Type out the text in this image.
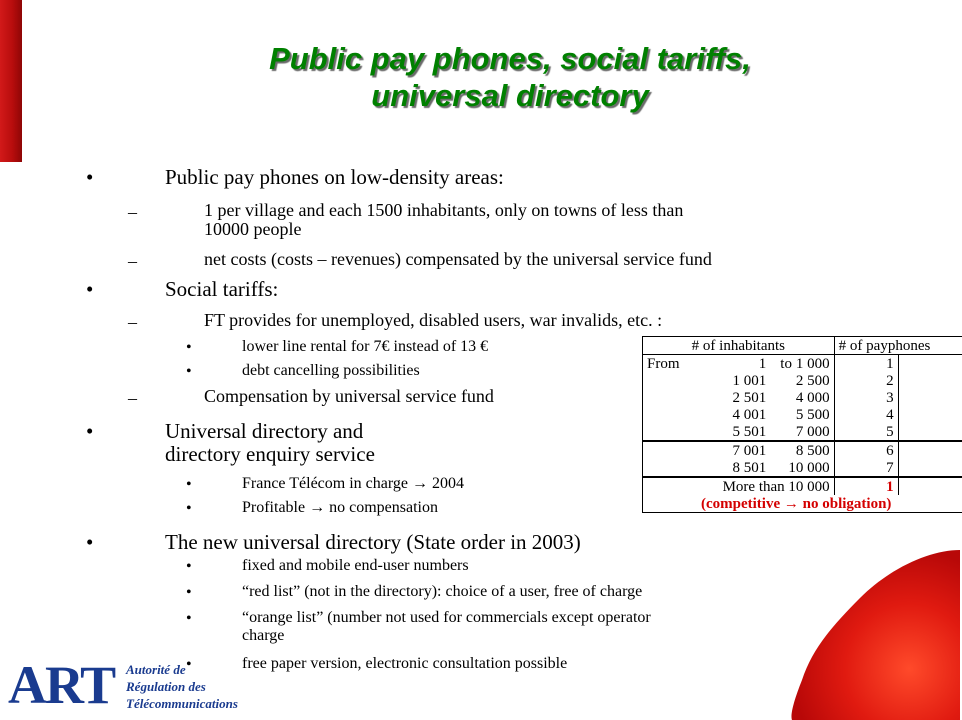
Public pay phones, social tariffs,
universal directory
•	Public pay phones on low-density areas:
–	1 per village and each 1500 inhabitants, only on towns of less than
10000 people
–	net costs (costs – revenues) compensated by the universal service fund
•	Social tariffs:
–	FT provides for unemployed, disabled users, war invalids, etc. :
•	lower line rental for 7€ instead of 13 €
•	debt cancelling possibilities
–	Compensation by universal service fund
•	Universal directory and
directory enquiry service
•	France Télécom in charge → 2004
•	Profitable → no compensation
•	The new universal directory (State order in 2003)
•	fixed and mobile end-user numbers
•	“red list” (not in the directory): choice of a user, free of charge
•	“orange list” (number not used for commercials except operator
charge
•	free paper version, electronic consultation possible
# of inhabitants			# of payphones	
From	1	to 1 000	1	
	1 001	2 500	2	
	2 501	4 000	3	
	4 001	5 500	4	
	5 501	7 000	5	
	7 001	8 500	6	
	8 501	10 000	7	
More than 10 000			1	
(competitive → no obligation)				
ART Autorité de
Régulation des
Télécommunications
